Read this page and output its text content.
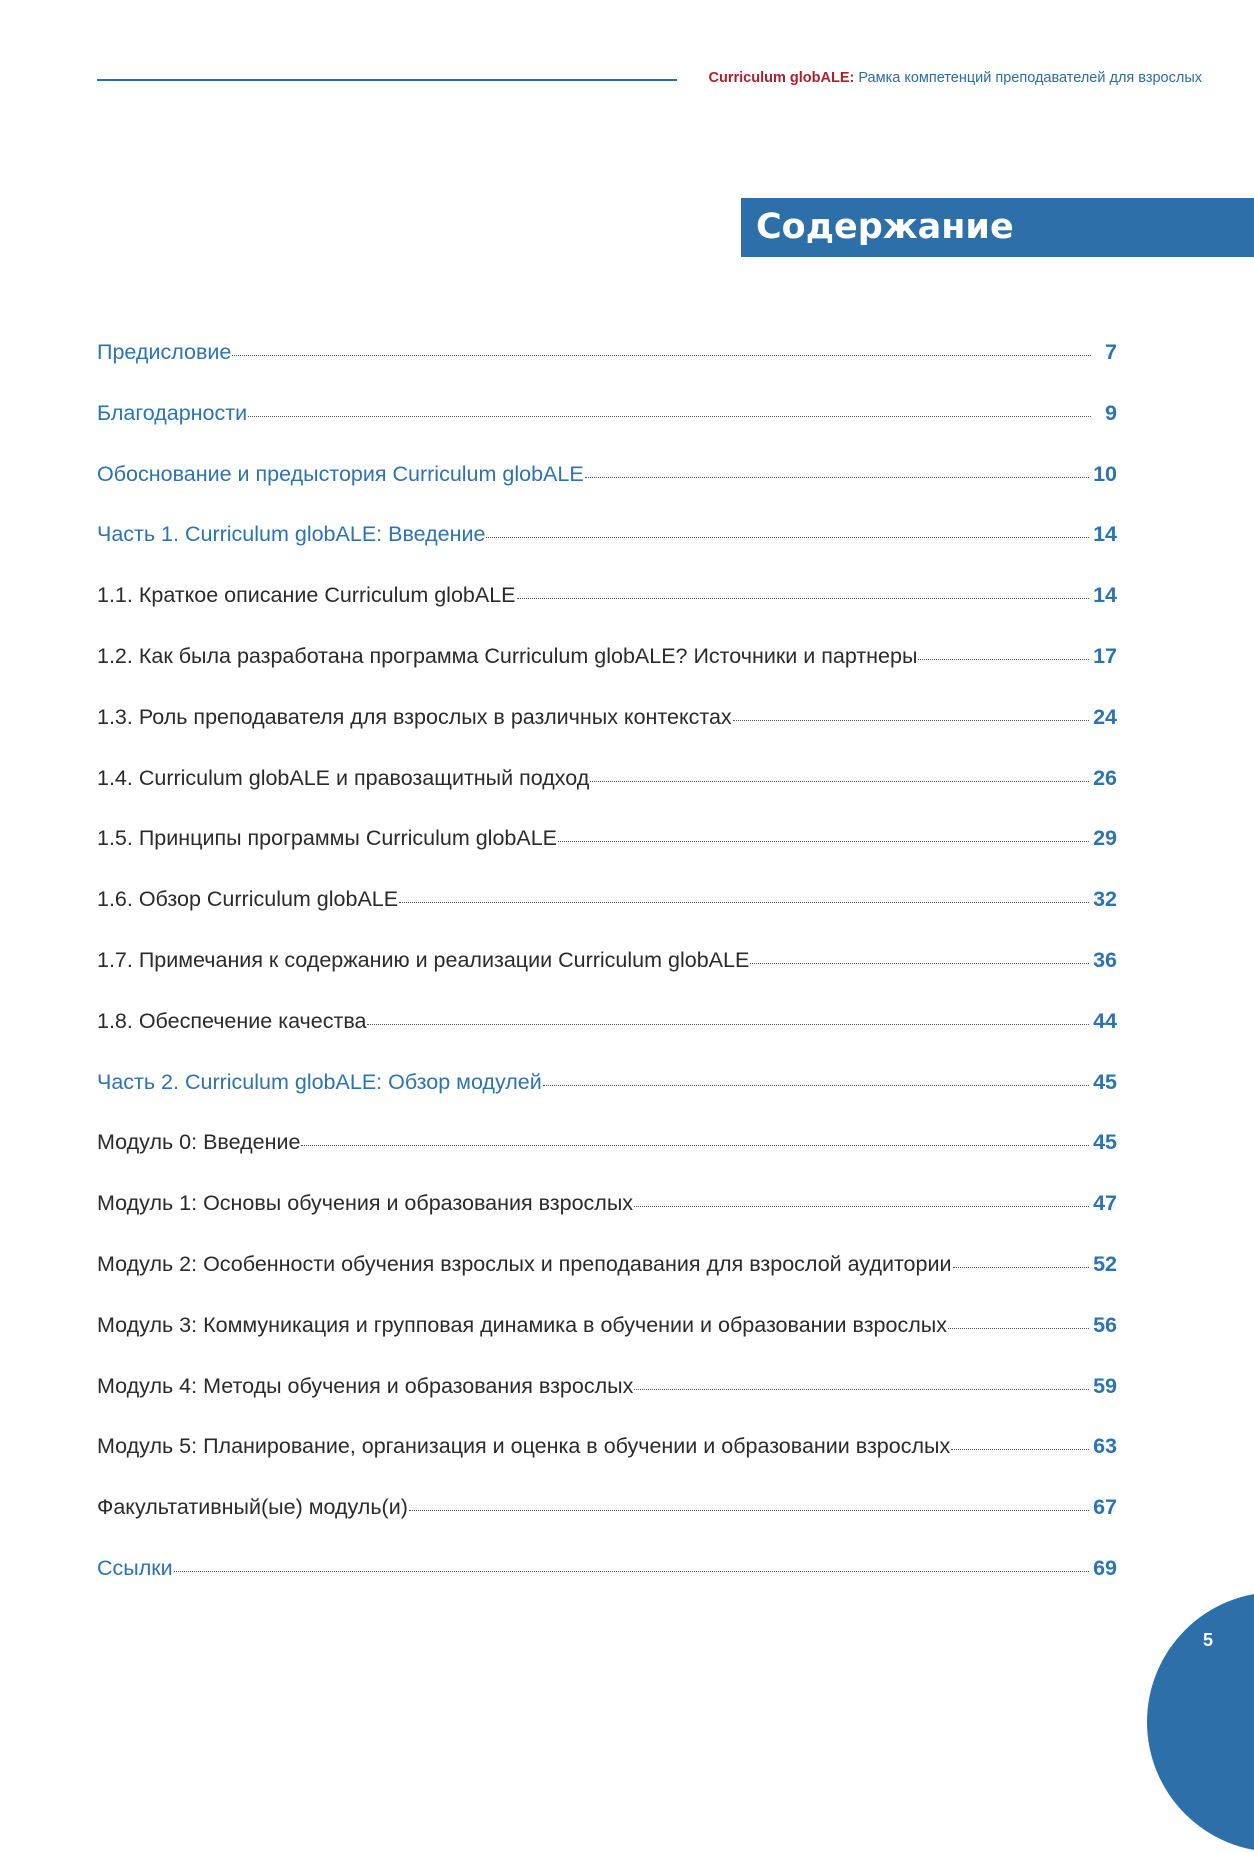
Curriculum globALE: Рамка компетенций преподавателей для взрослых
Содержание
Предисловие	7
Благодарности	9
Обоснование и предыстория Curriculum globALE	10
Часть 1. Curriculum globALE: Введение	14
1.1. Краткое описание Curriculum globALE	14
1.2. Как была разработана программа Curriculum globALE? Источники и партнеры	17
1.3. Роль преподавателя для взрослых в различных контекстах	24
1.4. Curriculum globALE и правозащитный подход	26
1.5. Принципы программы Curriculum globALE	29
1.6. Обзор Curriculum globALE	32
1.7. Примечания к содержанию и реализации Curriculum globALE	36
1.8. Обеспечение качества	44
Часть 2. Curriculum globALE: Обзор модулей	45
Модуль 0: Введение	45
Модуль 1: Основы обучения и образования взрослых	47
Модуль 2: Особенности обучения взрослых и преподавания для взрослой аудитории	52
Модуль 3: Коммуникация и групповая динамика в обучении и образовании взрослых	56
Модуль 4: Методы обучения и образования взрослых	59
Модуль 5: Планирование, организация и оценка в обучении и образовании взрослых	63
Факультативный(ые) модуль(и)	67
Ссылки	69
5
